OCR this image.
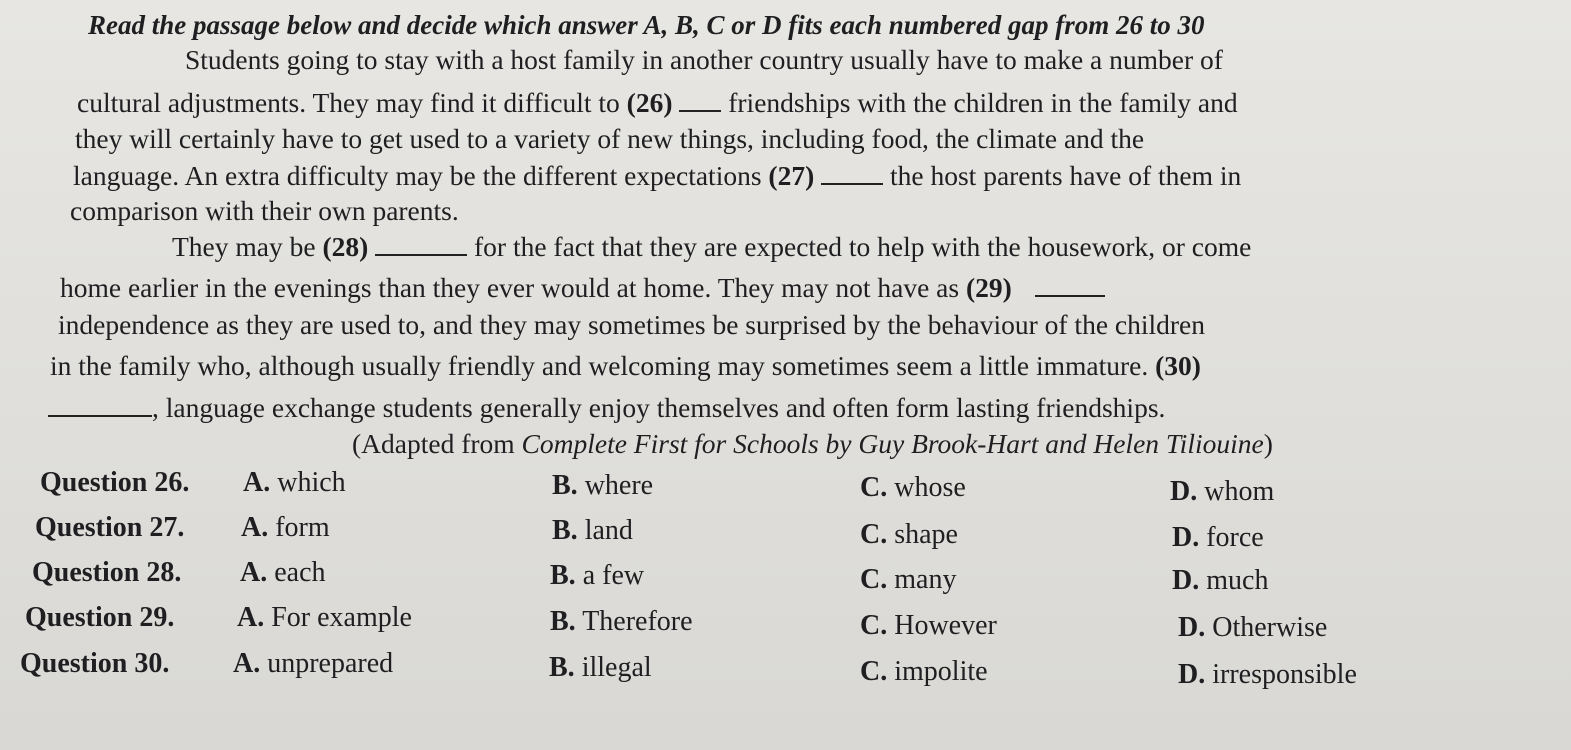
Read the passage below and decide which answer A, B, C or D fits each numbered gap from 26 to 30
Students going to stay with a host family in another country usually have to make a number of
cultural adjustments. They may find it difficult to (26)  friendships with the children in the family and
they will certainly have to get used to a variety of new things, including food, the climate and the
language. An extra difficulty may be the different expectations (27)	the host parents have of them in
comparison with their own parents.
They may be (28)	for the fact that they are expected to help with the housework, or come
home earlier in the evenings than they ever would at home. They may not have as (29)
independence as they are used to, and they may sometimes be surprised by the behaviour of the children
in the family who, although usually friendly and welcoming may sometimes seem a little immature. (30)
, language exchange students generally enjoy themselves and often form lasting friendships.
(Adapted from Complete First for Schools by Guy Brook-Hart and Helen Tiliouine)
Question 26. A. which	B. where	C. whose	D. whom
Question 27. A. form	B. land	C. shape	D. force
Question 28. A. each	B. a few	C. many	D. much
Question 29. A. For example	B. Therefore	C. However	D. Otherwise
Question 30. A. unprepared	B. illegal	C. impolite	D. irresponsible
